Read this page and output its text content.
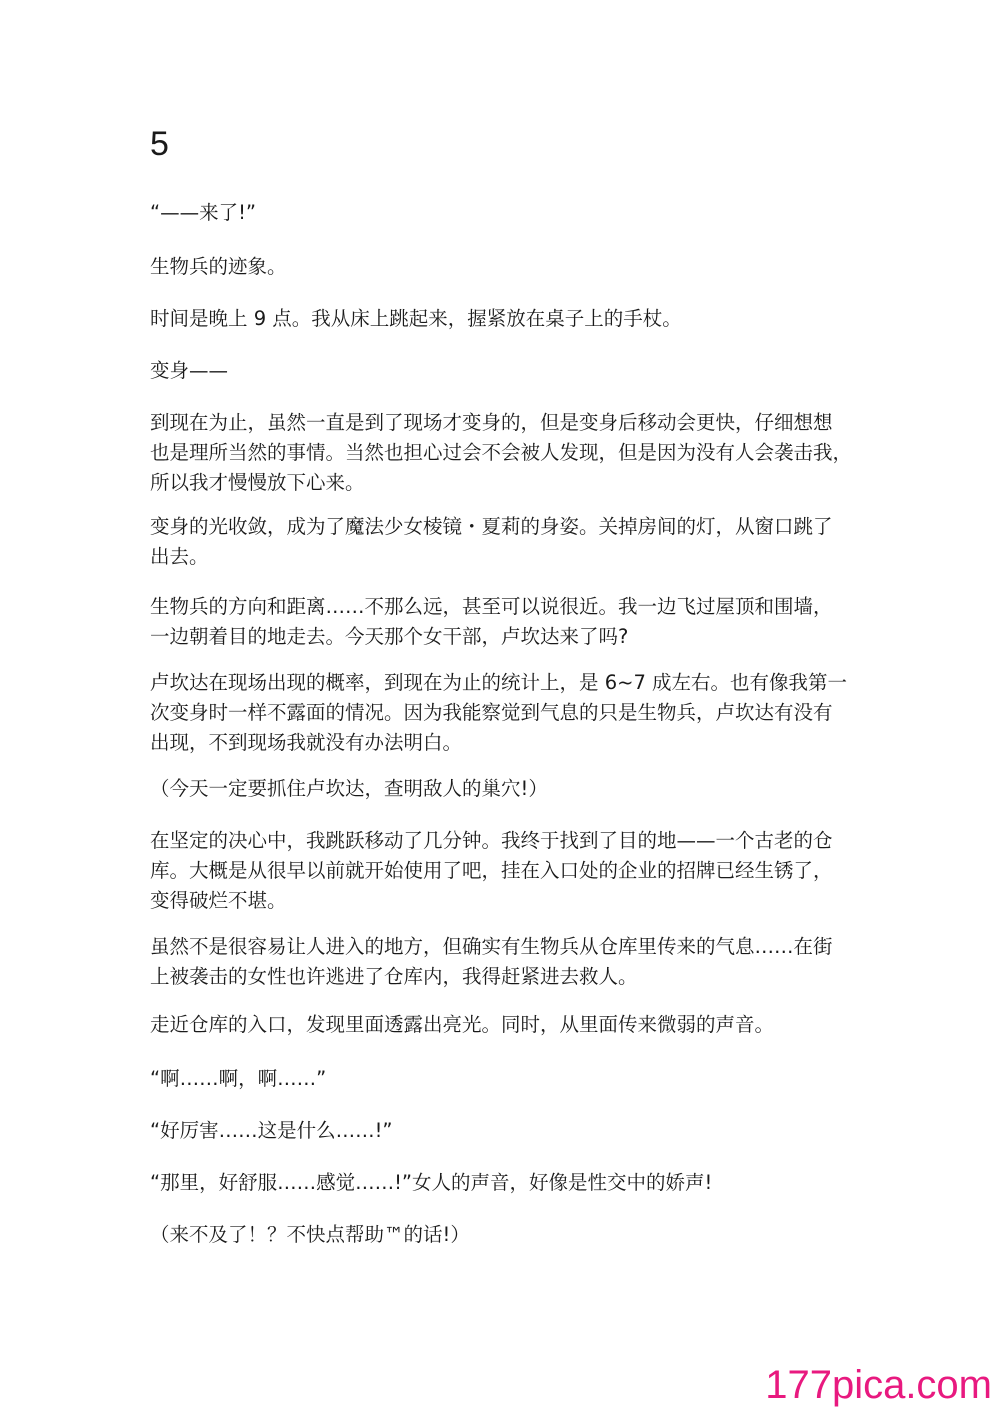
5

“——来了!”

生物兵的迹象。

时间是晚上 9 点。我从床上跳起来，握紧放在桌子上的手杖。

变身——

到现在为止，虽然一直是到了现场才变身的，但是变身后移动会更快，仔细想想
也是理所当然的事情。当然也担心过会不会被人发现，但是因为没有人会袭击我，
所以我才慢慢放下心来。

变身的光收敛，成为了魔法少女棱镜・夏莉的身姿。关掉房间的灯，从窗口跳了
出去。

生物兵的方向和距离……不那么远，甚至可以说很近。我一边飞过屋顶和围墙，
一边朝着目的地走去。今天那个女干部，卢坎达来了吗?

卢坎达在现场出现的概率，到现在为止的统计上，是 6~7 成左右。也有像我第一
次变身时一样不露面的情况。因为我能察觉到气息的只是生物兵，卢坎达有没有
出现，不到现场我就没有办法明白。

（今天一定要抓住卢坎达，查明敌人的巢穴!）

在坚定的决心中，我跳跃移动了几分钟。我终于找到了目的地——一个古老的仓
库。大概是从很早以前就开始使用了吧，挂在入口处的企业的招牌已经生锈了，
变得破烂不堪。

虽然不是很容易让人进入的地方，但确实有生物兵从仓库里传来的气息……在街
上被袭击的女性也许逃进了仓库内，我得赶紧进去救人。

走近仓库的入口，发现里面透露出亮光。同时，从里面传来微弱的声音。

“啊……啊，啊……”

“好厉害……这是什么……!”

“那里，好舒服……感觉……!”女人的声音，好像是性交中的娇声!

（来不及了！？不快点帮助™的话!）

177pica.com
